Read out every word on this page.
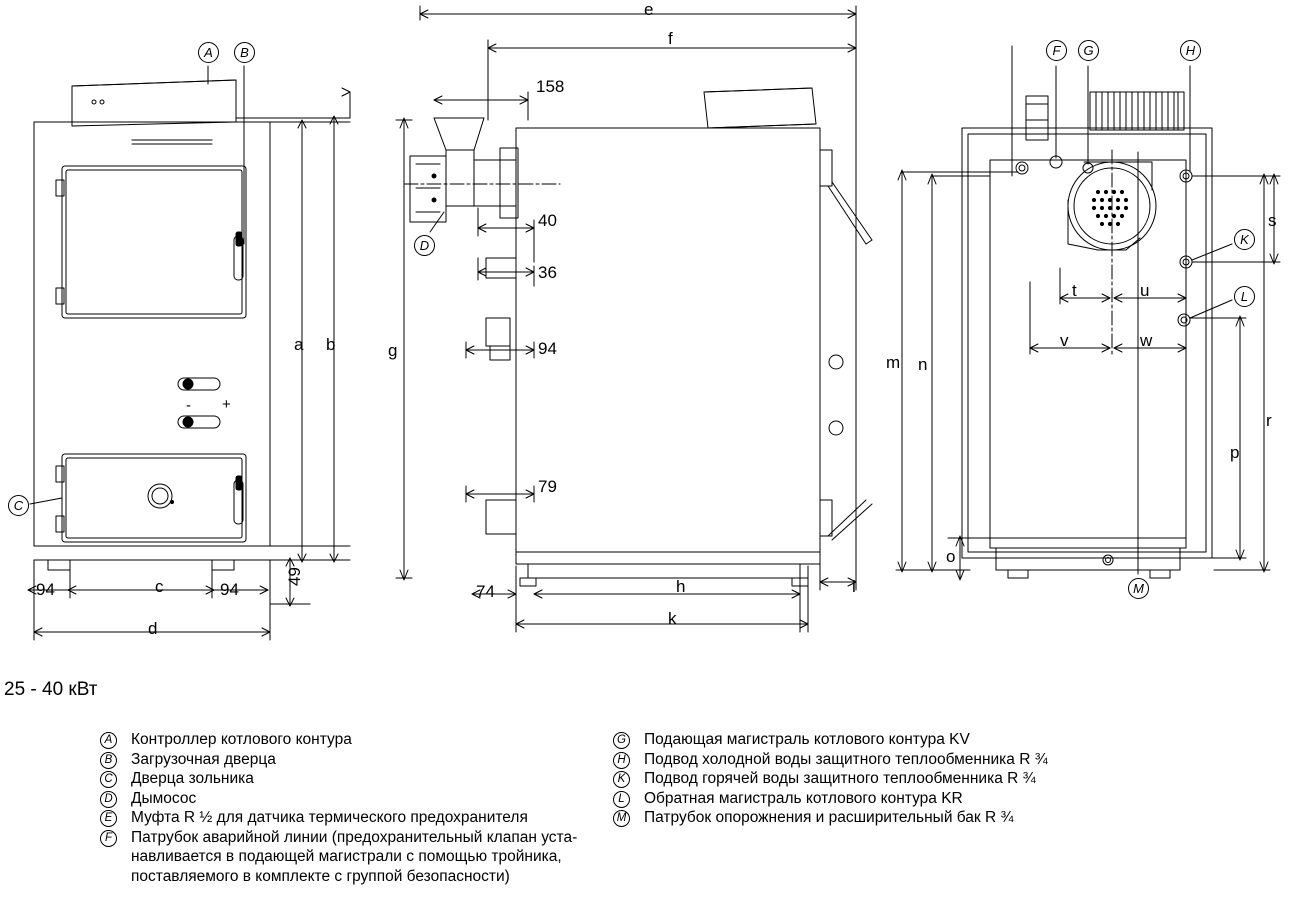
A	B
C
D
F	G	H
K
L
M
158
40
36
94
79
74
94	94
49
a b
c
d
e
f
g
h
k
l
m n
o
p
r
s
t	u
v	w
- +
25 - 40 кВт
A	Контроллер котлового контура
B	Загрузочная дверца
C Дверца зольника
D Дымосос
E	Муфта R ½ для датчика термического предохранителя
F	Патрубок аварийной линии (предохранительный клапан уста-навливается в подающей магистрали с помощью тройника, поставляемого в комплекте с группой безопасности)
G Подающая магистраль котлового контура KV
H Подвод холодной воды защитного теплообменника R ¾
K	Подвод горячей воды защитного теплообменника R ¾
L	Обратная магистраль котлового контура KR
M Патрубок опорожнения и расширительный бак R ¾
